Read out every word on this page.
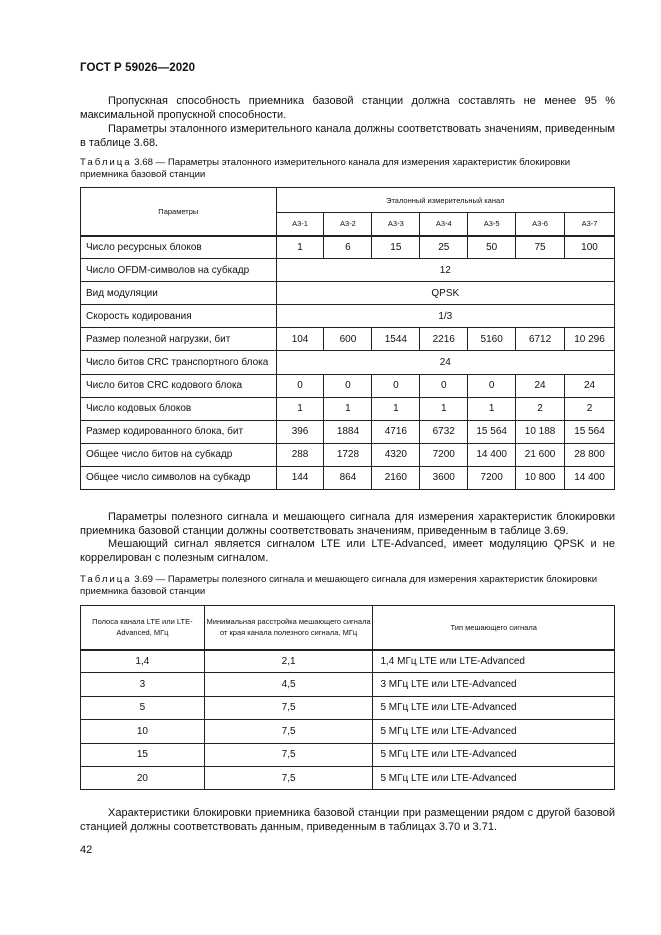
ГОСТ Р 59026—2020
Пропускная способность приемника базовой станции должна составлять не менее 95 % максимальной пропускной способности.
Параметры эталонного измерительного канала должны соответствовать значениям, приведенным в таблице 3.68.
Таблица 3.68 — Параметры эталонного измерительного канала для измерения характеристик блокировки приемника базовой станции
Параметры	Эталонный измерительный канал						
	А3-1	А3-2	А3-3	А3-4	А3-5	А3-6	А3-7
Число ресурсных блоков	1	6	15	25	50	75	100
Число OFDM-символов на субкадр	12						
Вид модуляции	QPSK						
Скорость кодирования	1/3						
Размер полезной нагрузки, бит	104	600	1544	2216	5160	6712	10 296
Число битов CRC транспортного блока	24						
Число битов CRC кодового блока	0	0	0	0	0	24	24
Число кодовых блоков	1	1	1	1	1	2	2
Размер кодированного блока, бит	396	1884	4716	6732	15 564	10 188	15 564
Общее число битов на субкадр	288	1728	4320	7200	14 400	21 600	28 800
Общее число символов на субкадр	144	864	2160	3600	7200	10 800	14 400
Параметры полезного сигнала и мешающего сигнала для измерения характеристик блокировки приемника базовой станции должны соответствовать значениям, приведенным в таблице 3.69.
Мешающий сигнал является сигналом LTE или LTE-Advanced, имеет модуляцию QPSK и не коррелирован с полезным сигналом.
Таблица 3.69 — Параметры полезного сигнала и мешающего сигнала для измерения характеристик блокировки приемника базовой станции
Полоса канала LTE или LTE-Advanced, МГц	Минимальная расстройка мешающего сигнала от края канала полезного сигнала, МГц	Тип мешающего сигнала
1,4	2,1	1,4 МГц LTE или LTE-Advanced
3	4,5	3 МГц LTE или LTE-Advanced
5	7,5	5 МГц LTE или LTE-Advanced
10	7,5	5 МГц LTE или LTE-Advanced
15	7,5	5 МГц LTE или LTE-Advanced
20	7,5	5 МГц LTE или LTE-Advanced
Характеристики блокировки приемника базовой станции при размещении рядом с другой базовой станцией должны соответствовать данным, приведенным в таблицах 3.70 и 3.71.
42
